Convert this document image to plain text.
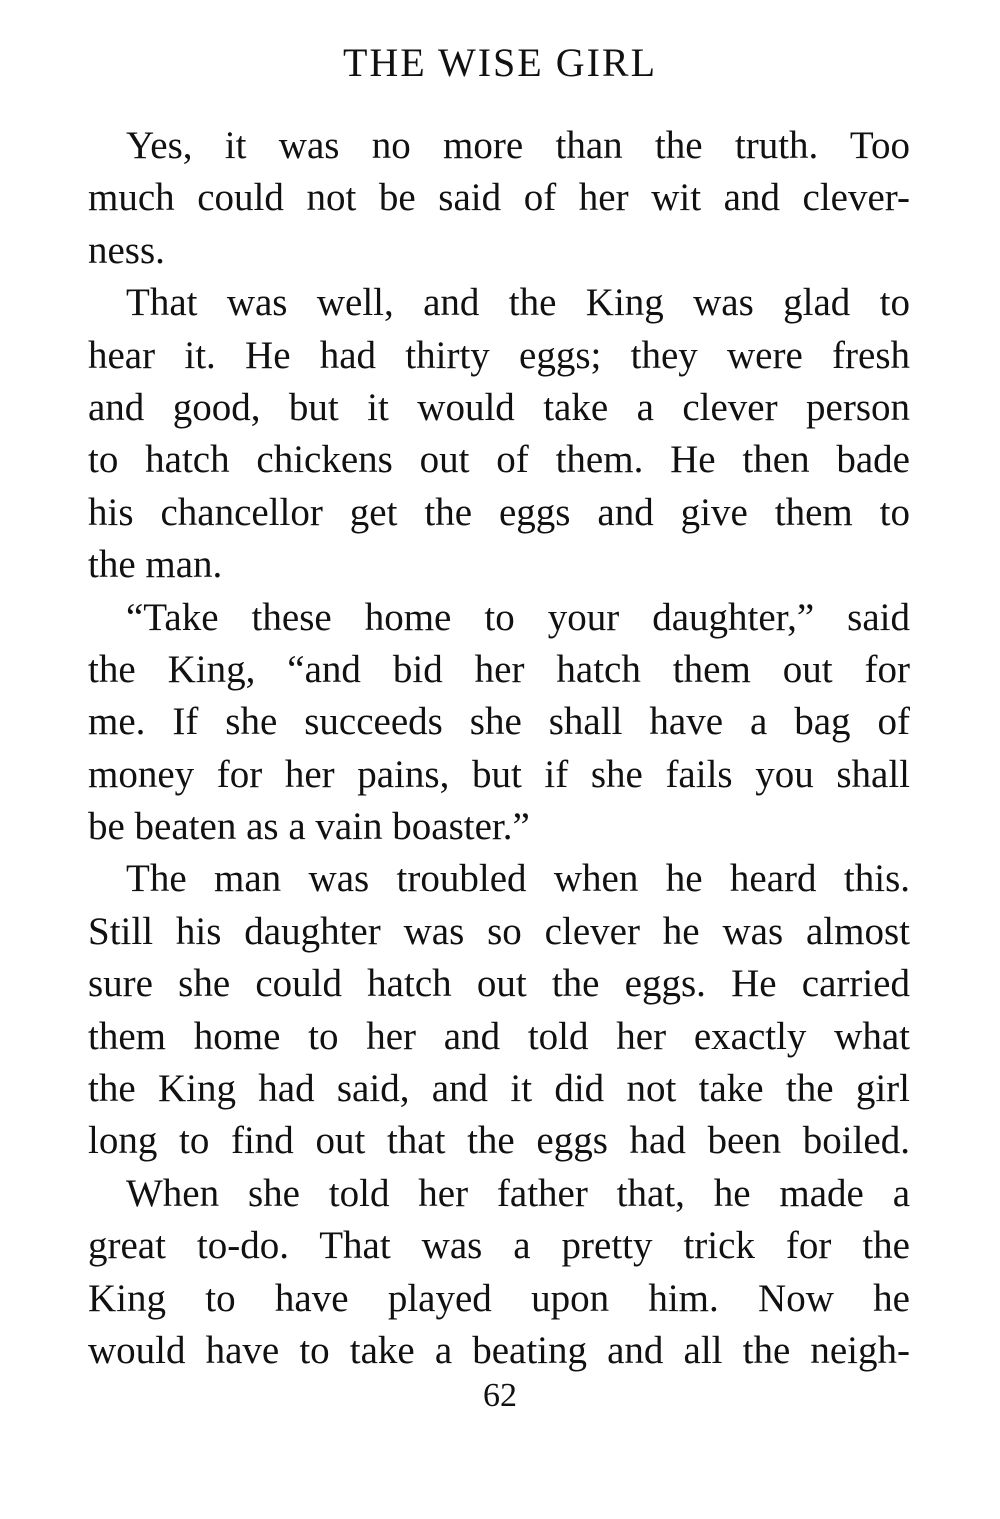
THE WISE GIRL
Yes, it was no more than the truth. Too
much could not be said of her wit and clever-
ness.
That was well, and the King was glad to
hear it. He had thirty eggs; they were fresh
and good, but it would take a clever person
to hatch chickens out of them. He then bade
his chancellor get the eggs and give them to
the man.
“Take these home to your daughter,” said
the King, “and bid her hatch them out for
me. If she succeeds she shall have a bag of
money for her pains, but if she fails you shall
be beaten as a vain boaster.”
The man was troubled when he heard this.
Still his daughter was so clever he was almost
sure she could hatch out the eggs. He carried
them home to her and told her exactly what
the King had said, and it did not take the girl
long to find out that the eggs had been boiled.
When she told her father that, he made a
great to-do. That was a pretty trick for the
King to have played upon him. Now he
would have to take a beating and all the neigh-
62
